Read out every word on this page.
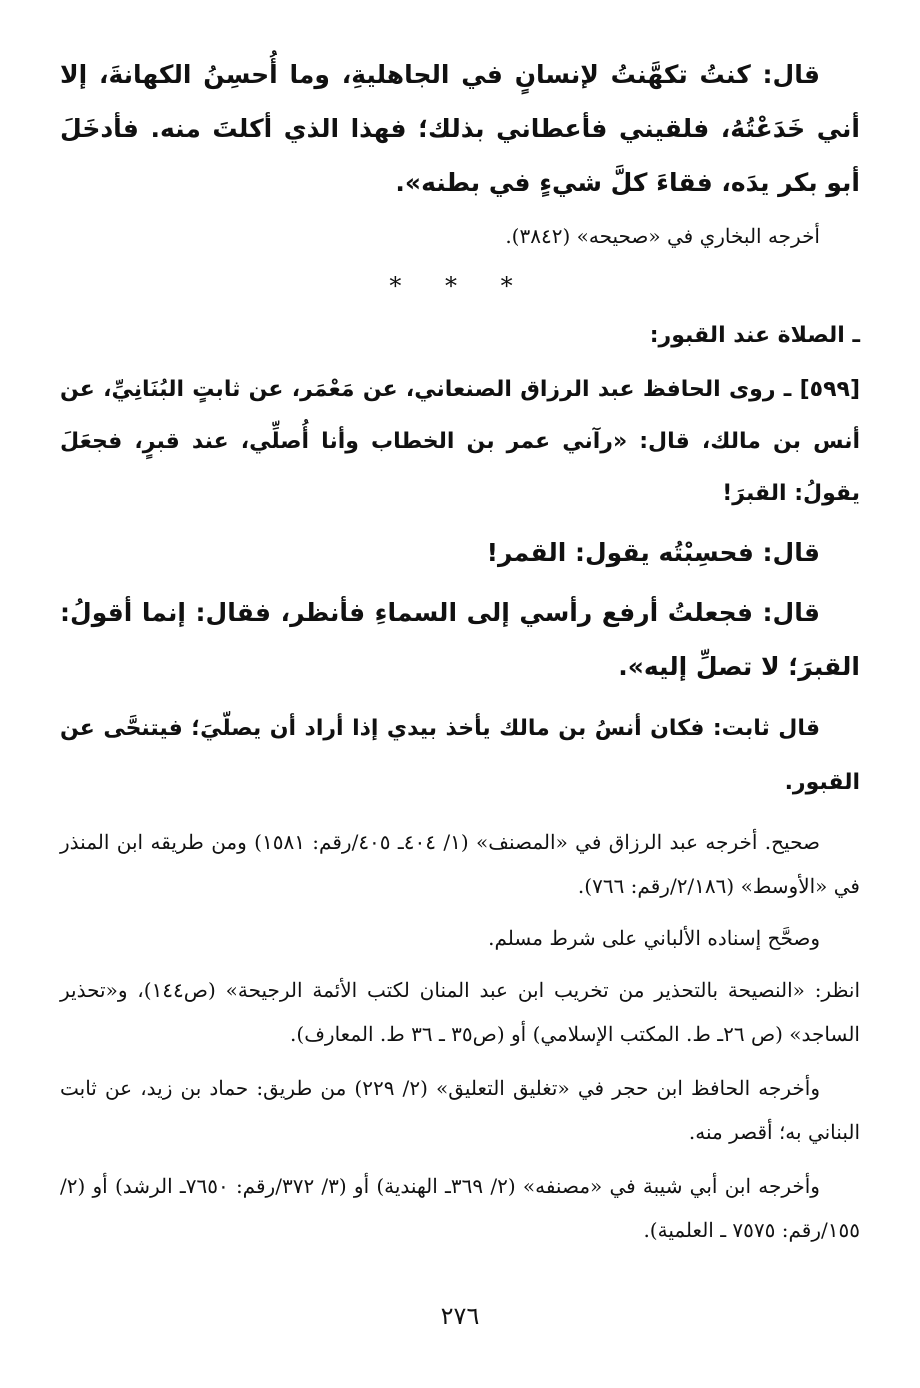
قال: كنتُ تكهَّنتُ لإنسانٍ في الجاهليةِ، وما أُحسِنُ الكهانةَ، إلا أني خَدَعْتُهُ، فلقيني فأعطاني بذلك؛ فهذا الذي أكلتَ منه. فأدخَلَ أبو بكر يدَه، فقاءَ كلَّ شيءٍ في بطنه».

أخرجه البخاري في «صحيحه» (٣٨٤٢).

* * *

ـ الصلاة عند القبور:

[٥٩٩] ـ روى الحافظ عبد الرزاق الصنعاني، عن مَعْمَر، عن ثابتٍ البُنَانِيِّ، عن أنس بن مالك، قال: «رآني عمر بن الخطاب وأنا أُصلِّي، عند قبرٍ، فجعَلَ يقولُ: القبرَ!

قال: فحسِبْتُه يقول: القمر!

قال: فجعلتُ أرفع رأسي إلى السماءِ فأنظر، فقال: إنما أقولُ: القبرَ؛ لا تصلِّ إليه».

قال ثابت: فكان أنسُ بن مالك يأخذ بيدي إذا أراد أن يصلّيَ؛ فيتنحَّى عن القبور.

صحيح. أخرجه عبد الرزاق في «المصنف» (١/ ٤٠٤ـ ٤٠٥/رقم: ١٥٨١) ومن طريقه ابن المنذر في «الأوسط» (٢/١٨٦/رقم: ٧٦٦).

وصحَّح إسناده الألباني على شرط مسلم.

انظر: «النصيحة بالتحذير من تخريب ابن عبد المنان لكتب الأئمة الرجيحة» (ص١٤٤)، و«تحذير الساجد» (ص ٢٦ـ ط. المكتب الإسلامي) أو (ص٣٥ ـ ٣٦ ط. المعارف).

وأخرجه الحافظ ابن حجر في «تغليق التعليق» (٢/ ٢٢٩) من طريق: حماد بن زيد، عن ثابت البناني به؛ أقصر منه.

وأخرجه ابن أبي شيبة في «مصنفه» (٢/ ٣٦٩ـ الهندية) أو (٣/ ٣٧٢/رقم: ٧٦٥٠ـ الرشد) أو (٢/ ١٥٥/رقم: ٧٥٧٥ ـ العلمية).

٢٧٦
